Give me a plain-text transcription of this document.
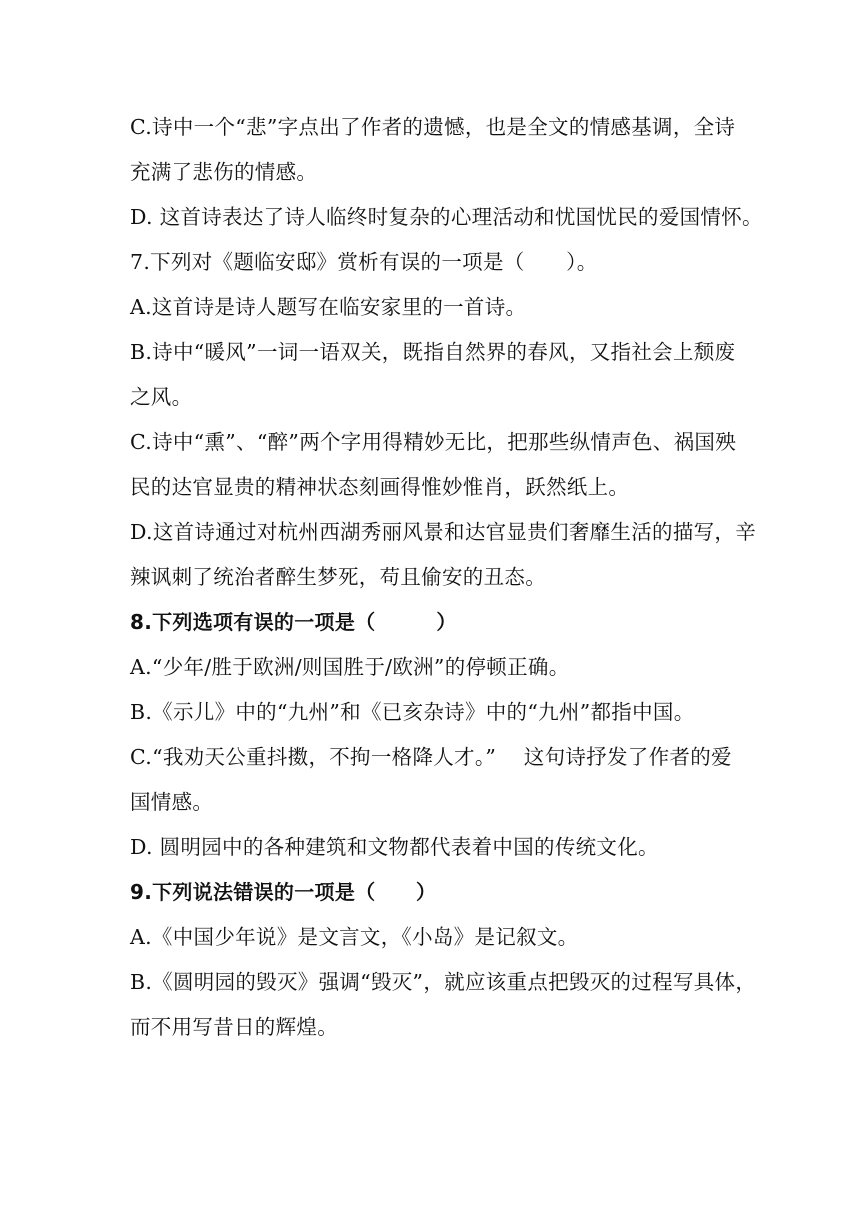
C.诗中一个“悲”字点出了作者的遗憾，也是全文的情感基调，全诗
充满了悲伤的情感。
D. 这首诗表达了诗人临终时复杂的心理活动和忧国忧民的爱国情怀。
7.下列对《题临安邸》赏析有误的一项是（　　）。
A.这首诗是诗人题写在临安家里的一首诗。
B.诗中“暖风”一词一语双关，既指自然界的春风，又指社会上颓废
之风。
C.诗中“熏”、“醉”两个字用得精妙无比，把那些纵情声色、祸国殃
民的达官显贵的精神状态刻画得惟妙惟肖，跃然纸上。
D.这首诗通过对杭州西湖秀丽风景和达官显贵们奢靡生活的描写，辛
辣讽刺了统治者醉生梦死，苟且偷安的丑态。
8.下列选项有误的一项是（　　　）
A.“少年/胜于欧洲/则国胜于/欧洲”的停顿正确。
B.《示儿》中的“九州”和《已亥杂诗》中的“九州”都指中国。
C.“我劝天公重抖擞，不拘一格降人才。”　 这句诗抒发了作者的爱
国情感。
D. 圆明园中的各种建筑和文物都代表着中国的传统文化。
9.下列说法错误的一项是（　　）
A.《中国少年说》是文言文，《小岛》是记叙文。
B.《圆明园的毁灭》强调“毁灭”，就应该重点把毁灭的过程写具体，
而不用写昔日的辉煌。
